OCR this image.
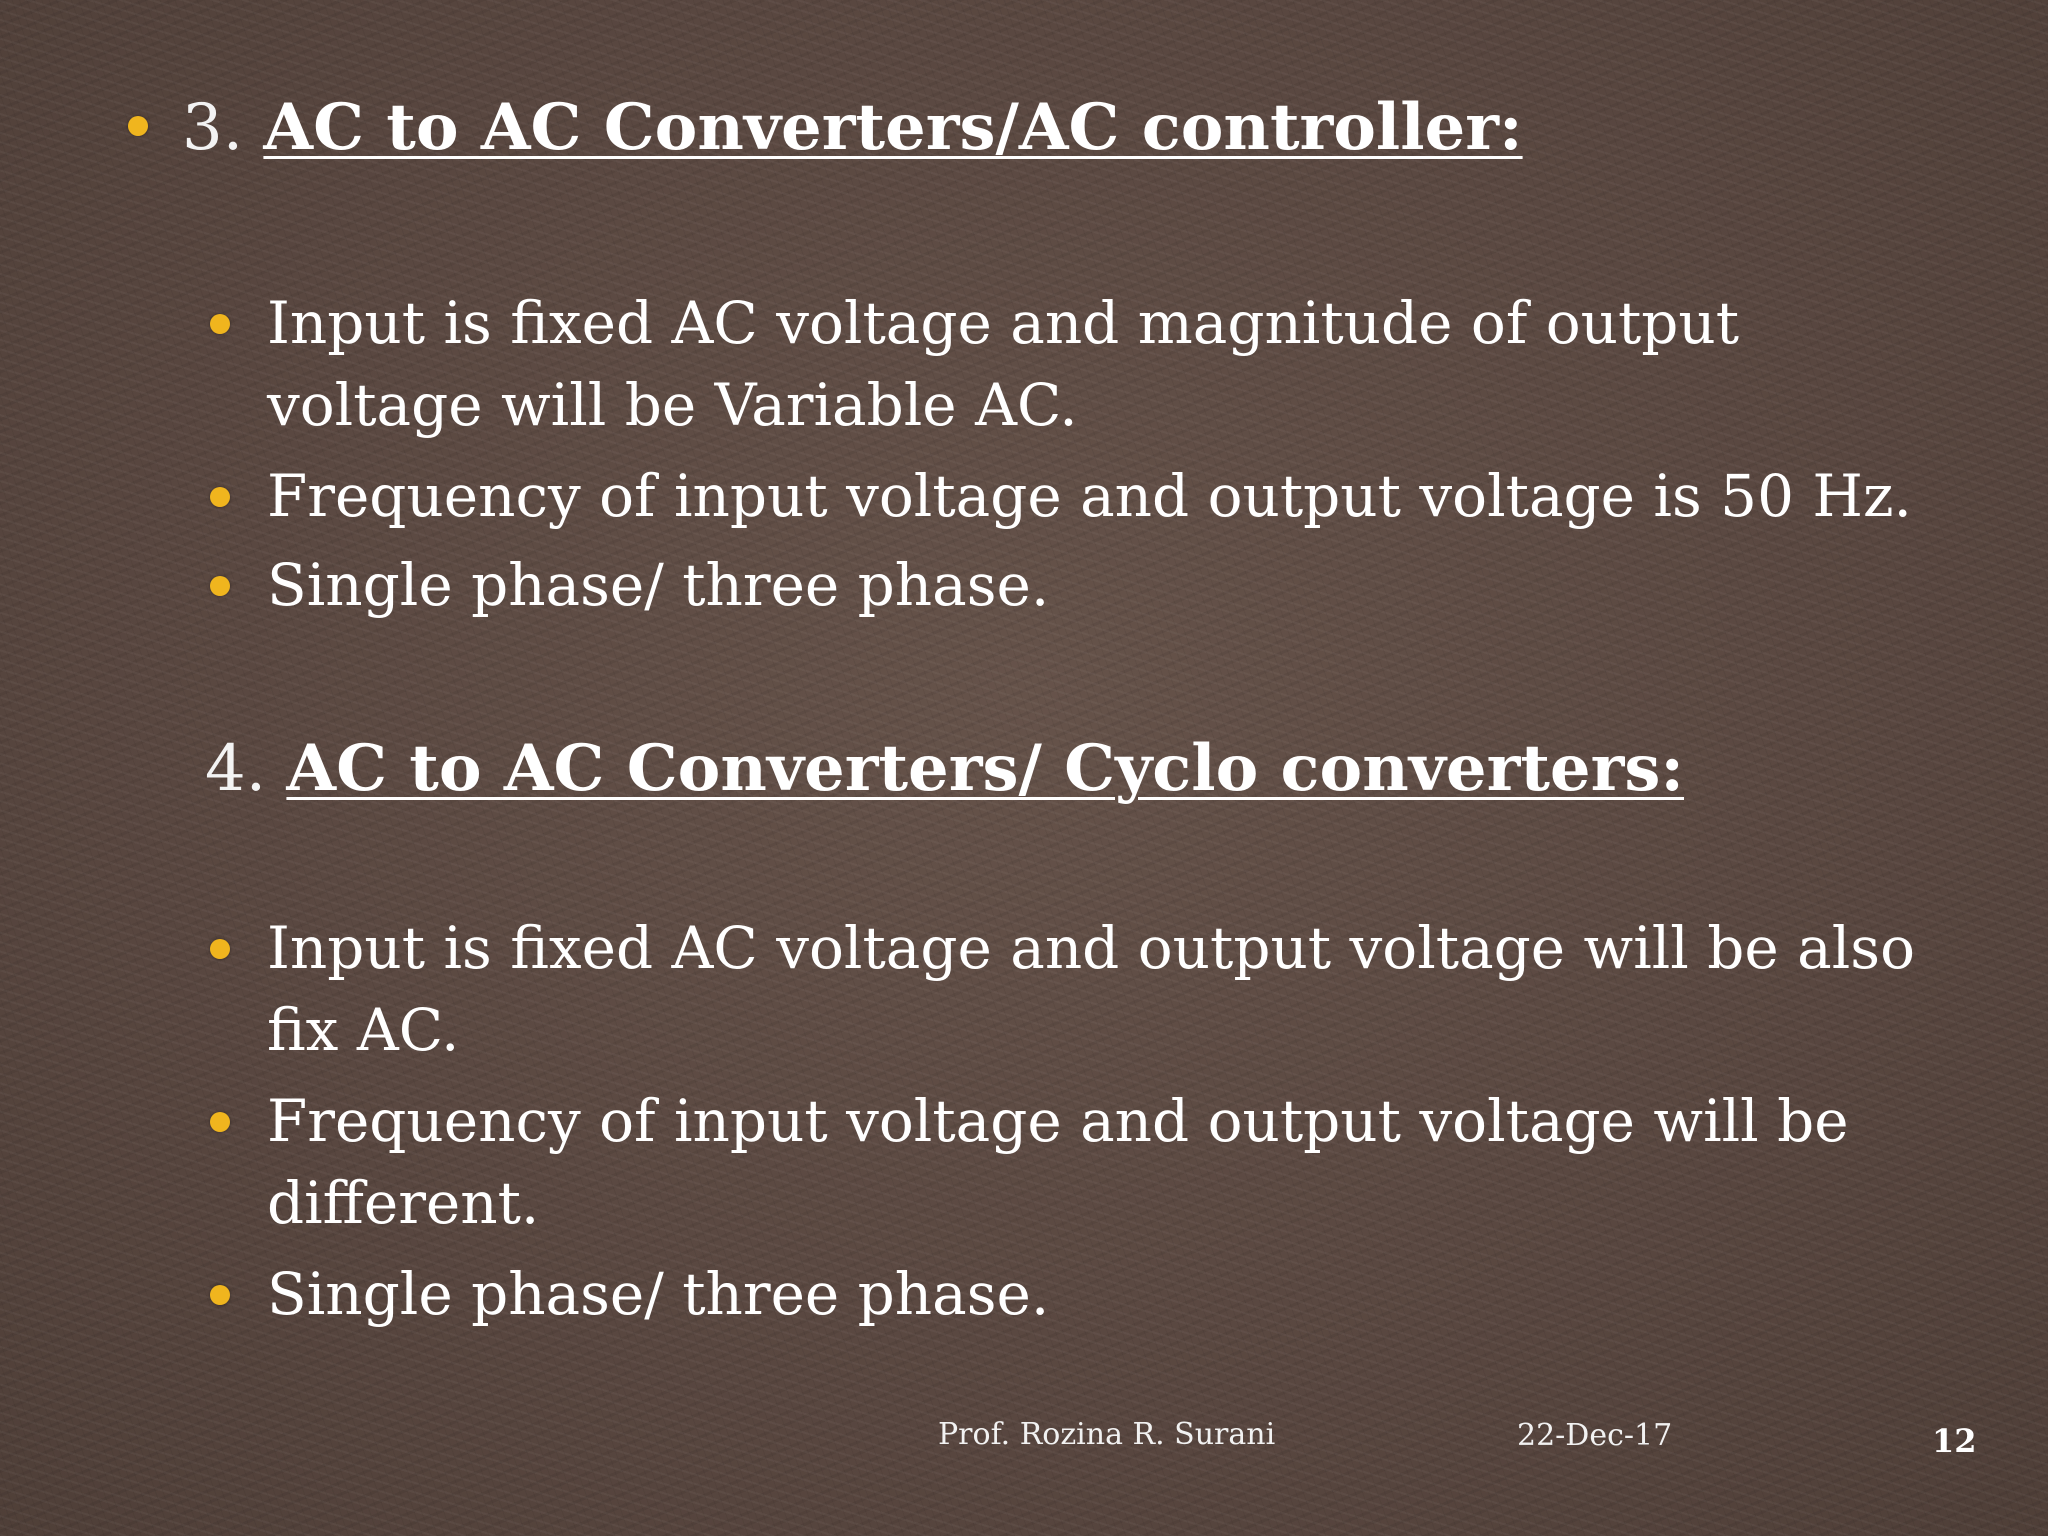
3. AC to AC Converters/AC controller:
Input is fixed AC voltage and magnitude of output voltage will be Variable AC.
Frequency of input voltage and output voltage is 50 Hz.
Single phase/ three phase.
4. AC to AC Converters/ Cyclo converters:
Input is fixed AC voltage and output voltage will be also fix AC.
Frequency of input voltage and output voltage will be different.
Single phase/ three phase.
Prof. Rozina R. Surani	22-Dec-17	12
